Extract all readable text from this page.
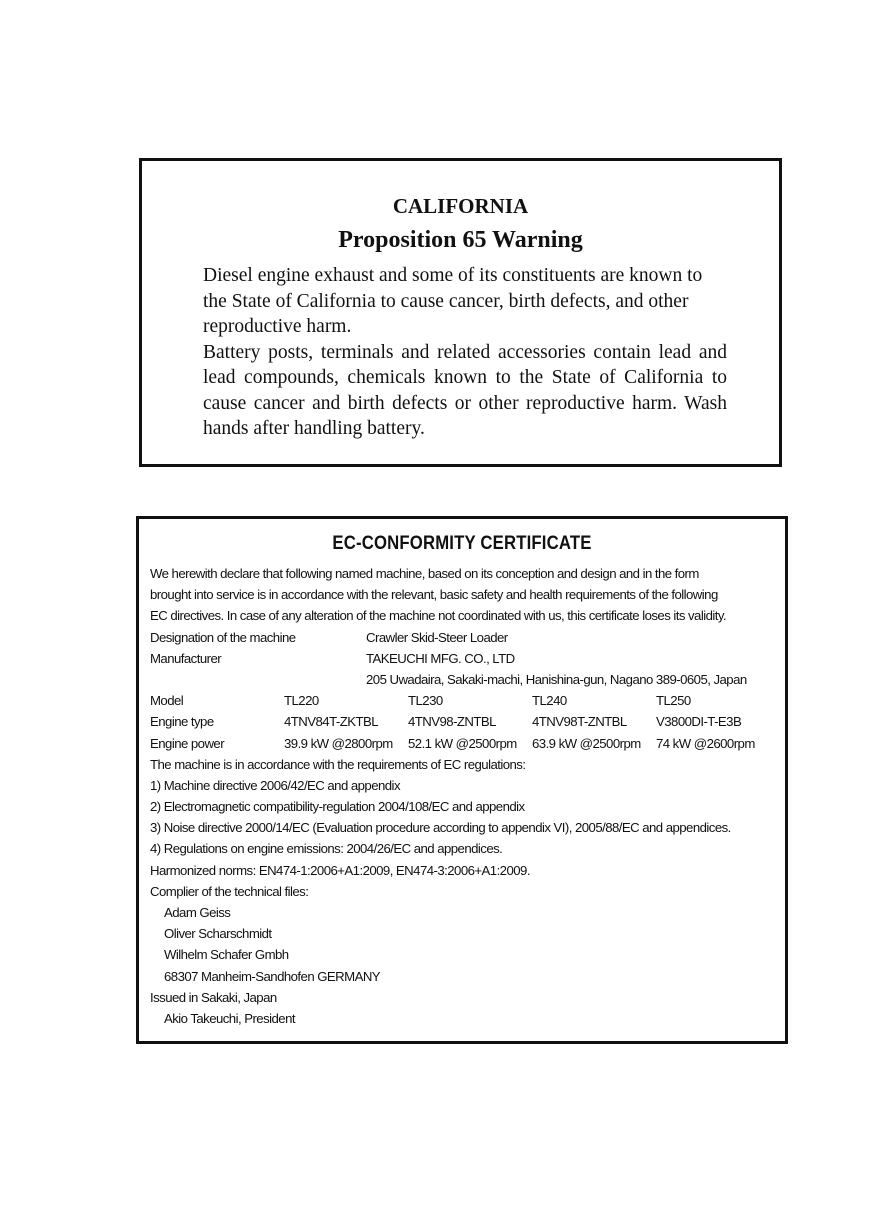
CALIFORNIA
Proposition 65 Warning

Diesel engine exhaust and some of its constituents are known to the State of California to cause cancer, birth defects, and other reproductive harm.

Battery posts, terminals and related accessories contain lead and lead compounds, chemicals known to the State of California to cause cancer and birth defects or other reproductive harm. Wash hands after handling battery.

EC-CONFORMITY CERTIFICATE
We herewith declare that following named machine, based on its conception and design and in the form
brought into service is in accordance with the relevant, basic safety and health requirements of the following
EC directives. In case of any alteration of the machine not coordinated with us, this certificate loses its validity.
Designation of the machine	Crawler Skid-Steer Loader
Manufacturer	TAKEUCHI MFG. CO., LTD
205 Uwadaira, Sakaki-machi, Hanishina-gun, Nagano 389-0605, Japan
Model	TL220	TL230	TL240	TL250
Engine type	4TNV84T-ZKTBL	4TNV98-ZNTBL	4TNV98T-ZNTBL	V3800DI-T-E3B
Engine power	39.9 kW @2800rpm	52.1 kW @2500rpm	63.9 kW @2500rpm	74 kW @2600rpm
The machine is in accordance with the requirements of EC regulations:
1) Machine directive 2006/42/EC and appendix
2) Electromagnetic compatibility-regulation 2004/108/EC and appendix
3) Noise directive 2000/14/EC (Evaluation procedure according to appendix VI), 2005/88/EC and appendices.
4) Regulations on engine emissions: 2004/26/EC and appendices.
Harmonized norms: EN474-1:2006+A1:2009, EN474-3:2006+A1:2009.
Complier of the technical files:
Adam Geiss
Oliver Scharschmidt
Wilhelm Schafer Gmbh
68307 Manheim-Sandhofen GERMANY
Issued in Sakaki, Japan
Akio Takeuchi, President
